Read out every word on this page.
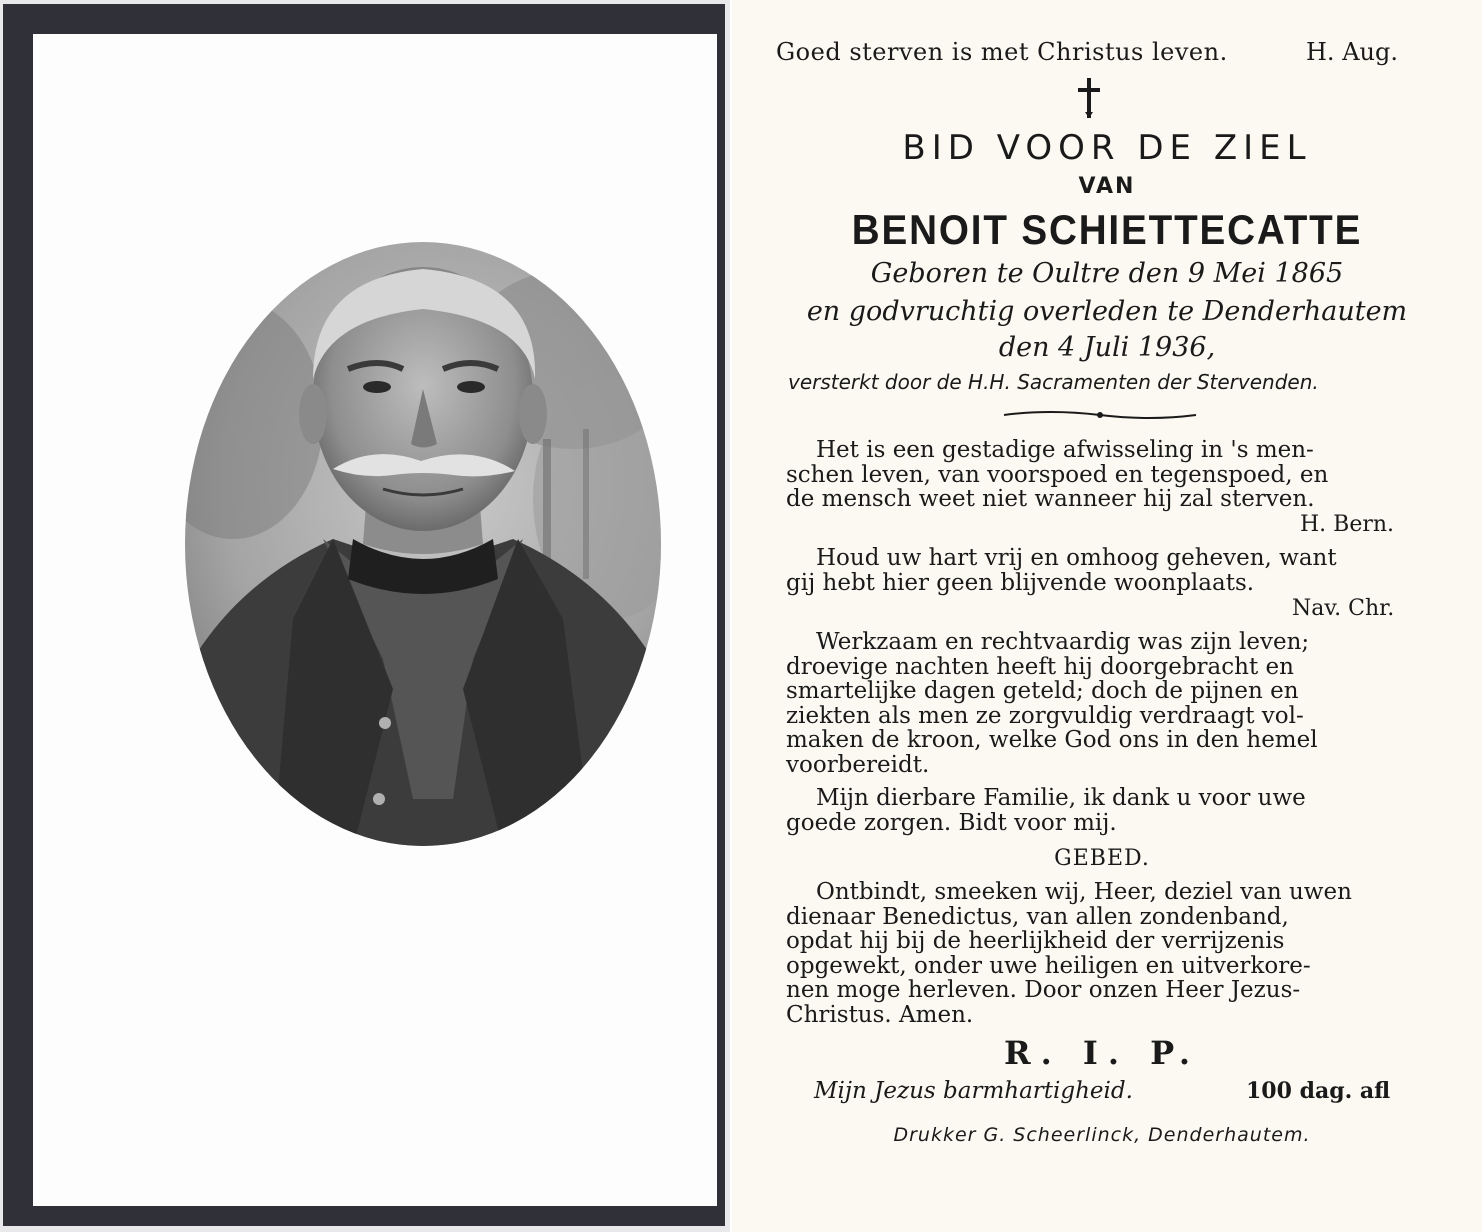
Goed sterven is met Christus leven.	H. Aug.
BID VOOR DE ZIEL
VAN
BENOIT SCHIETTECATTE
Geboren te Oultre den 9 Mei 1865
en godvruchtig overleden te Denderhautem
den 4 Juli 1936,
versterkt door de H.H. Sacramenten der Stervenden.
Het is een gestadige afwisseling in 's men-
schen leven, van voorspoed en tegenspoed, en
de mensch weet niet wanneer hij zal sterven.
H. Bern.
Houd uw hart vrij en omhoog geheven, want
gij hebt hier geen blijvende woonplaats.
Nav. Chr.
Werkzaam en rechtvaardig was zijn leven;
droevige nachten heeft hij doorgebracht en
smartelijke dagen geteld; doch de pijnen en
ziekten als men ze zorgvuldig verdraagt vol-
maken de kroon, welke God ons in den hemel
voorbereidt.
Mijn dierbare Familie, ik dank u voor uwe
goede zorgen. Bidt voor mij.
GEBED.
Ontbindt, smeeken wij, Heer, deziel van uwen
dienaar Benedictus, van allen zondenband,
opdat hij bij de heerlijkheid der verrijzenis
opgewekt, onder uwe heiligen en uitverkore-
nen moge herleven. Door onzen Heer Jezus-
Christus. Amen.
R. I. P.
Mijn Jezus barmhartigheid.	100 dag. afl
Drukker G. Scheerlinck, Denderhautem.
